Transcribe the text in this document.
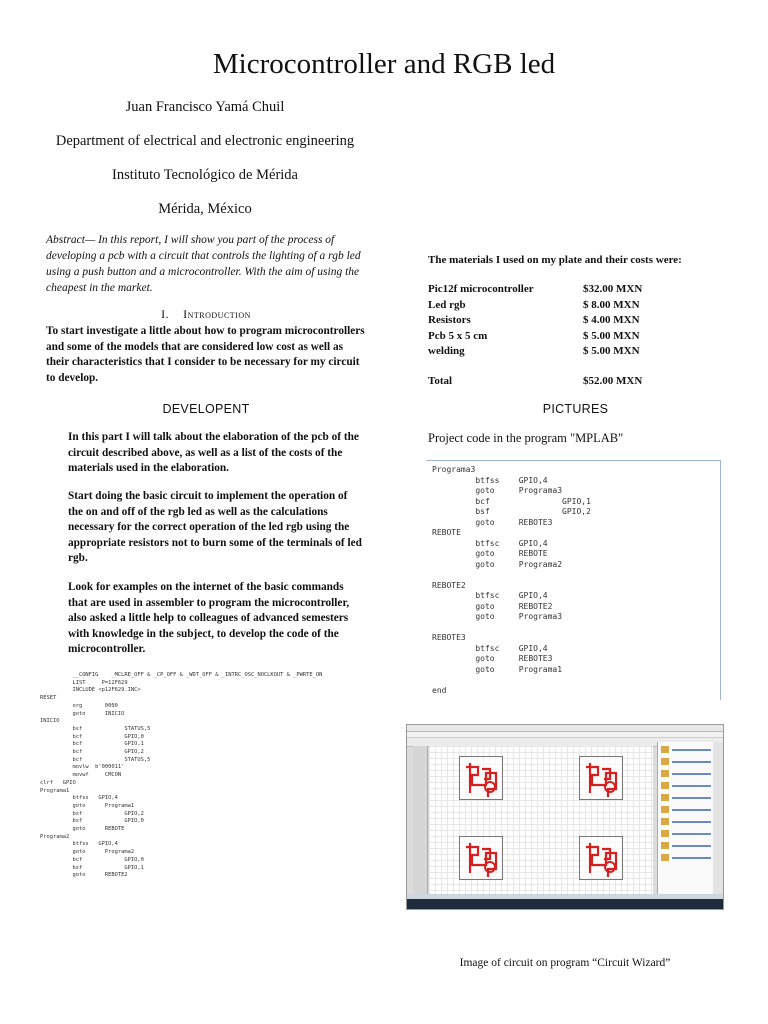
Microcontroller and RGB led
Juan Francisco Yamá Chuil
Department of electrical and electronic engineering
Instituto Tecnológico de Mérida
Mérida, México
Abstract— In this report, I will show you part of the process of developing a pcb with a circuit that controls the lighting of a rgb led using a push button and a microcontroller. With the aim of using the cheapest in the market.
I. Introduction
To start investigate a little about how to program microcontrollers and some of the models that are considered low cost as well as their characteristics that I consider to be necessary for my circuit to develop.
DEVELOPENT
In this part I will talk about the elaboration of the pcb of the circuit described above, as well as a list of the costs of the materials used in the elaboration.
Start doing the basic circuit to implement the operation of the on and off of the rgb led as well as the calculations necessary for the correct operation of the led rgb using the appropriate resistors not to burn some of the terminals of led rgb.
Look for examples on the internet of the basic commands that are used in assembler to program the microcontroller, also asked a little help to colleagues of advanced semesters with knowledge in the subject, to develop the code of the microcontroller.
__CONFIG    _MCLRE_OFF & _CP_OFF & _WDT_OFF & _INTRC_OSC_NOCLKOUT & _PWRTE_ON
LIST     P=12F629
INCLUDE <p12F629.INC>
RESET
org       0000
goto      INICIO
INICIO
bsf             STATUS,5
bcf             GPIO,0
bcf             GPIO,1
bcf             GPIO,2
bcf             STATUS,5
movlw  b'000011'
movwf     CMCON
clrf   GPIO
Programa1
btfss   GPIO,4
goto      Programa1
bsf             GPIO,2
bsf             GPIO,0
goto      REBOTE
Programa2
btfss   GPIO,4
goto      Programa2
bcf             GPIO,0
bsf             GPIO,1
goto      REBOTE2
The materials I used on my plate and their costs were:
Pic12f microcontroller	$32.00 MXN
Led rgb	$ 8.00 MXN
Resistors	$ 4.00 MXN
Pcb 5 x 5 cm	$ 5.00 MXN
welding	$ 5.00 MXN
Total	$52.00 MXN
PICTURES
Project code in the program "MPLAB"
Programa3
btfss    GPIO,4
goto     Programa3
bcf               GPIO,1
bsf               GPIO,2
goto     REBOTE3
REBOTE
btfsc    GPIO,4
goto     REBOTE
goto     Programa2

REBOTE2
btfsc    GPIO,4
goto     REBOTE2
goto     Programa3

REBOTE3
btfsc    GPIO,4
goto     REBOTE3
goto     Programa1

end
Image of circuit on program “Circuit Wizard”
